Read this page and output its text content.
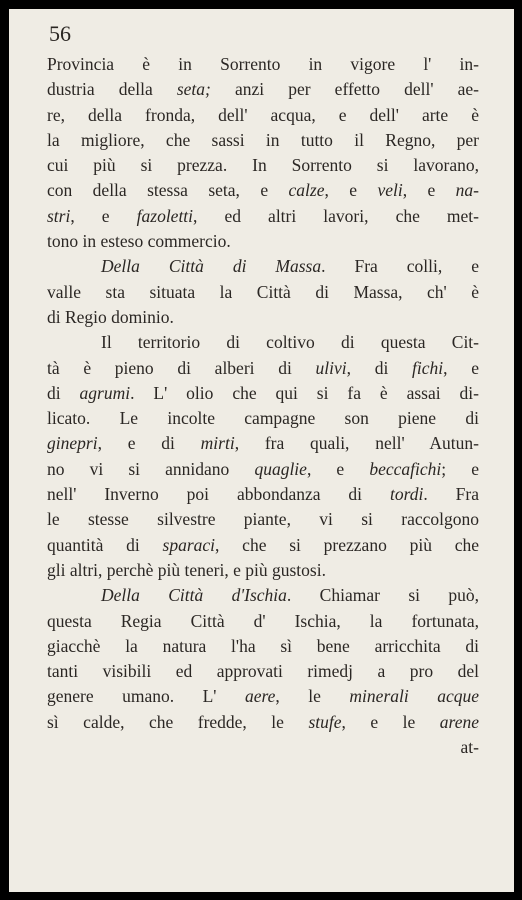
56
Provincia è in Sorrento in vigore l' in-
dustria della seta; anzi per effetto dell' ae-
re, della fronda, dell' acqua, e dell' arte è
la migliore, che sassi in tutto il Regno, per
cui più si prezza. In Sorrento si lavorano,
con della stessa seta, e calze, e veli, e na-
stri, e fazoletti, ed altri lavori, che met-
tono in esteso commercio.
Della Città di Massa. Fra colli, e
valle sta situata la Città di Massa, ch' è
di Regio dominio.
Il territorio di coltivo di questa Cit-
tà è pieno di alberi di ulivi, di fichi, e
di agrumi. L' olio che qui si fa è assai di-
licato. Le incolte campagne son piene di
ginepri, e di mirti, fra quali, nell' Autun-
no vi si annidano quaglie, e beccafichi; e
nell' Inverno poi abbondanza di tordi. Fra
le stesse silvestre piante, vi si raccolgono
quantità di sparaci, che si prezzano più che
gli altri, perchè più teneri, e più gustosi.
Della Città d'Ischia. Chiamar si può,
questa Regia Città d' Ischia, la fortunata,
giacchè la natura l'ha sì bene arricchita di
tanti visibili ed approvati rimedj a pro del
genere umano. L' aere, le minerali acque
sì calde, che fredde, le stufe, e le arene
at-
